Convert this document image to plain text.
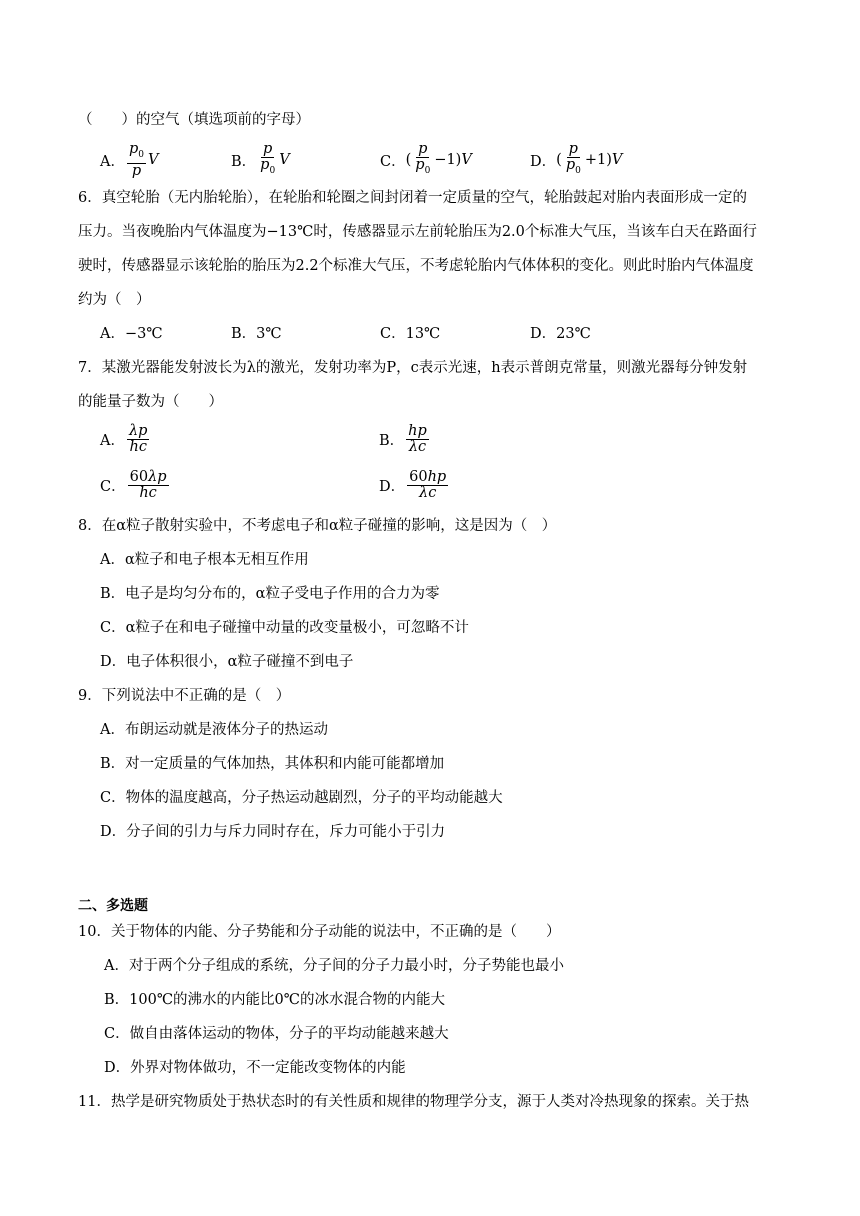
（　　）的空气（填选项前的字母）
A． $\frac{p_0}{p}$ V	B． $\frac{p}{p_0}$ V	C． ( $\frac{p}{p_0} -1$) V	D． ( $\frac{p}{p_0} +1$) V
6．真空轮胎（无内胎轮胎），在轮胎和轮圈之间封闭着一定质量的空气，轮胎鼓起对胎内表面形成一定的
压力。当夜晚胎内气体温度为−13℃时，传感器显示左前轮胎压为2.0个标准大气压，当该车白天在路面行
驶时，传感器显示该轮胎的胎压为2.2个标准大气压，不考虑轮胎内气体体积的变化。则此时胎内气体温度
约为（　）
A．−3℃	B．3℃	C．13℃	D．23℃
7．某激光器能发射波长为λ的激光，发射功率为P，c表示光速，h表示普朗克常量，则激光器每分钟发射
的能量子数为（　　）
A． $\frac{\lambda p}{hc}$	B． $\frac{hp}{\lambda c}$
C． $\frac{60\lambda p}{hc}$	D． $\frac{60hp}{\lambda c}$
8．在α粒子散射实验中，不考虑电子和α粒子碰撞的影响，这是因为（　）
A．α粒子和电子根本无相互作用
B．电子是均匀分布的，α粒子受电子作用的合力为零
C．α粒子在和电子碰撞中动量的改变量极小，可忽略不计
D．电子体积很小，α粒子碰撞不到电子
9．下列说法中不正确的是（　）
A．布朗运动就是液体分子的热运动
B．对一定质量的气体加热，其体积和内能可能都增加
C．物体的温度越高，分子热运动越剧烈，分子的平均动能越大
D．分子间的引力与斥力同时存在，斥力可能小于引力
二、多选题
10．关于物体的内能、分子势能和分子动能的说法中，不正确的是（　　）
A．对于两个分子组成的系统，分子间的分子力最小时，分子势能也最小
B．100℃的沸水的内能比0℃的冰水混合物的内能大
C．做自由落体运动的物体，分子的平均动能越来越大
D．外界对物体做功，不一定能改变物体的内能
11．热学是研究物质处于热状态时的有关性质和规律的物理学分支，源于人类对冷热现象的探索。关于热
